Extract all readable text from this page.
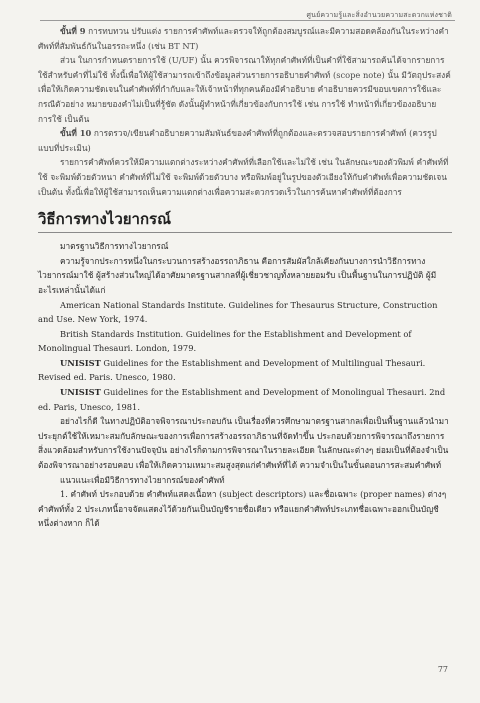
ศูนย์ความรู้และสิ่งอำนวยความสะดวกแห่งชาติ

ขั้นที่ 9 การทบทวน ปรับแต่ง รายการคำศัพท์และตรวจให้ถูกต้องสมบูรณ์และมีความสอดคล้องกันในระหว่างคำศัพท์ที่สัมพันธ์กันในอรรถะหนึ่ง (เช่น BT NT)

ส่วน ในการกำหนดรายการใช้ (U/UF) นั้น ควรพิจารณาให้ทุกคำศัพท์ที่เป็นคำที่ใช้สามารถค้นได้จากรายการใช้สำหรับคำที่ไม่ใช้ ทั้งนี้เพื่อให้ผู้ใช้สามารถเข้าถึงข้อมูลส่วนรายการอธิบายคำศัพท์ (scope note) นั้น มีวัตถุประสงค์เพื่อให้เกิดความชัดเจนในคำศัพท์ที่กำกับและให้เจ้าหน้าที่ทุกคนต้องมีคำอธิบาย คำอธิบายควรมีขอบเขตการใช้และกรณีตัวอย่าง หมายของคำไม่เป็นที่รู้ชัด ดังนั้นผู้ทำหน้าที่เกี่ยวข้องกับการใช้ เช่น การใช้ ทำหน้าที่เกี่ยวข้องอธิบาย การใช้ เป็นต้น

ขั้นที่ 10 การตรวจ/เขียนคำอธิบายความสัมพันธ์ของคำศัพท์ที่ถูกต้องและตรวจสอบรายการคำศัพท์ (ควรรูปแบบที่ประเมิน)

รายการคำศัพท์ควรให้มีความแตกต่างระหว่างคำศัพท์ที่เลือกใช้และไม่ใช้ เช่น ในลักษณะของตัวพิมพ์ คำศัพท์ที่ใช้ จะพิมพ์ด้วยตัวหนา คำศัพท์ที่ไม่ใช้ จะพิมพ์ด้วยตัวบาง หรือพิมพ์อยู่ในรูปของตัวเอียงให้กับคำศัพท์เพื่อความชัดเจน เป็นต้น ทั้งนี้เพื่อให้ผู้ใช้สามารถเห็นความแตกต่างเพื่อความสะดวกรวดเร็วในการค้นหาคำศัพท์ที่ต้องการ

วิธีการทางไวยากรณ์

มาตรฐานวิธีการทางไวยากรณ์

ความรู้จากประการหนึ่งในกระบวนการสร้างอรรถาภิธาน คือการสัมผัสใกล้เคียงกันบางการนำวิธีการทางไวยากรณ์มาใช้ ผู้สร้างส่วนใหญ่ได้อาศัยมาตรฐานสากลที่ผู้เชี่ยวชาญทั้งหลายยอมรับ เป็นพื้นฐานในการปฏิบัติ ผู้มีอะไรเหล่านั้นได้แก่

American National Standards Institute. Guidelines for Thesaurus Structure, Construction and Use. New York, 1974.

British Standards Institution. Guidelines for the Establishment and Development of Monolingual Thesauri. London, 1979.

UNISIST Guidelines for the Establishment and Development of Multilingual Thesauri. Revised ed. Paris. Unesco, 1980.

UNISIST Guidelines for the Establishment and Development of Monolingual Thesauri. 2nd ed. Paris, Unesco, 1981.

อย่างไรก็ดี ในทางปฏิบัติอาจพิจารณาประกอบกัน เป็นเรื่องที่ควรศึกษามาตรฐานสากลเพื่อเป็นพื้นฐานแล้วนำมาประยุกต์ใช้ให้เหมาะสมกับลักษณะของการเพื่อการสร้างอรรถาภิธานที่จัดทำขึ้น ประกอบด้วยการพิจารณาถึงรายการสิ่งแวดล้อมสำหรับการใช้งานปัจจุบัน อย่างไรก็ตามการพิจารณาในรายละเอียด ในลักษณะต่างๆ ย่อมเป็นที่ต้องจำเป็นต้องพิจารณาอย่างรอบคอบ เพื่อให้เกิดความเหมาะสมสูงสุดแก่คำศัพท์ที่ได้ ความจำเป็นในขั้นตอนการสะสมคำศัพท์

แนวแนะเพื่อมีวิธีการทางไวยากรณ์ของคำศัพท์

1. คำศัพท์ ประกอบด้วย คำศัพท์แสดงเนื้อหา (subject descriptors) และชื่อเฉพาะ (proper names) ต่างๆ คำศัพท์ทั้ง 2 ประเภทนี้อาจจัดแสดงไว้ด้วยกันเป็นบัญชีรายชื่อเดียว หรือแยกคำศัพท์ประเภทชื่อเฉพาะออกเป็นบัญชีหนึ่งต่างหาก ก็ได้

77
